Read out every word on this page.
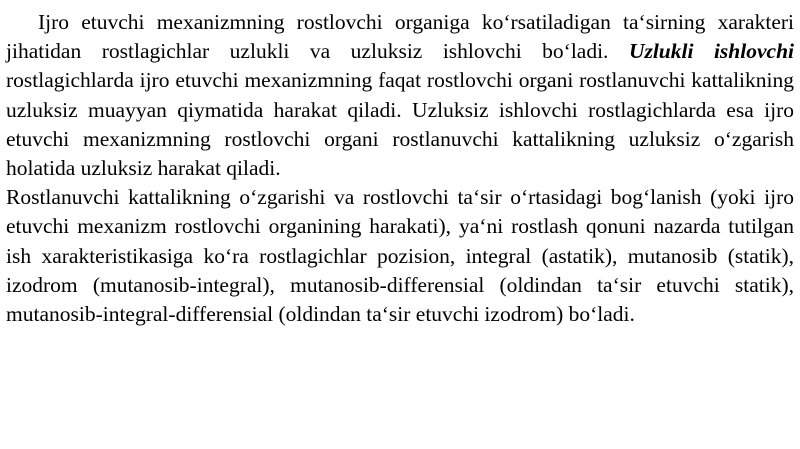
Ijro etuvchi mexanizmning rostlovchi organiga ko‘rsatiladigan ta‘sirning xarakteri jihatidan rostlagichlar uzlukli va uzluksiz ishlovchi bo‘ladi. Uzlukli ishlovchi rostlagichlarda ijro etuvchi mexanizmning faqat rostlovchi organi rostlanuvchi kattalikning uzluksiz muayyan qiymatida harakat qiladi. Uzluksiz ishlovchi rostlagichlarda esa ijro etuvchi mexanizmning rostlovchi organi rostlanuvchi kattalikning uzluksiz o‘zgarish holatida uzluksiz harakat qiladi.

Rostlanuvchi kattalikning o‘zgarishi va rostlovchi ta‘sir o‘rtasidagi bog‘lanish (yoki ijro etuvchi mexanizm rostlovchi organining harakati), ya‘ni rostlash qonuni nazarda tutilgan ish xarakteristikasiga ko‘ra rostlagichlar pozision, integral (astatik), mutanosib (statik), izodrom (mutanosib-integral), mutanosib-differensial (oldindan ta‘sir etuvchi statik), mutanosib-integral-differensial (oldindan ta‘sir etuvchi izodrom) bo‘ladi.
